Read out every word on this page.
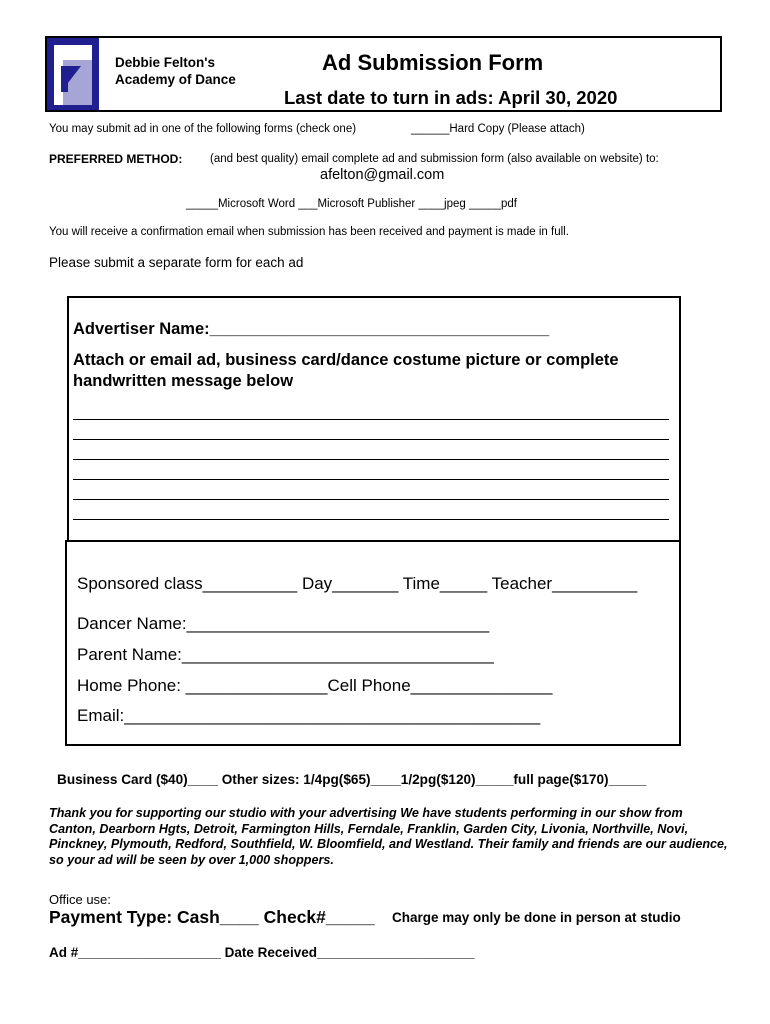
Debbie Felton's
Academy of Dance
Ad Submission Form
Last date to turn in ads: April 30, 2020
You may submit ad in one of the following forms (check one)	______Hard Copy (Please attach)
PREFERRED METHOD: (and best quality) email complete ad and submission form (also available on website) to:
afelton@gmail.com
_____Microsoft Word ___Microsoft Publisher ____jpeg _____pdf
You will receive a confirmation email when submission has been received and payment is made in full.
Please submit a separate form for each ad
Advertiser Name:_____________________________________
Attach or email ad, business card/dance costume picture or complete
handwritten message below
Sponsored class__________ Day_______ Time_____ Teacher_________
Dancer Name:________________________________
Parent Name:_________________________________
Home Phone: _______________Cell Phone_______________
Email:____________________________________________
Business Card ($40)____ Other sizes: 1/4pg($65)____1/2pg($120)_____full page($170)_____
Thank you for supporting our studio with your advertising We have students performing in our show from Canton, Dearborn Hgts, Detroit, Farmington Hills, Ferndale, Franklin, Garden City, Livonia, Northville, Novi, Pinckney, Plymouth, Redford, Southfield, W. Bloomfield, and Westland. Their family and friends are our audience, so your ad will be seen by over 1,000 shoppers.
Office use:
Payment Type: Cash____ Check#_____ Charge may only be done in person at studio
Ad #___________________ Date Received_____________________
